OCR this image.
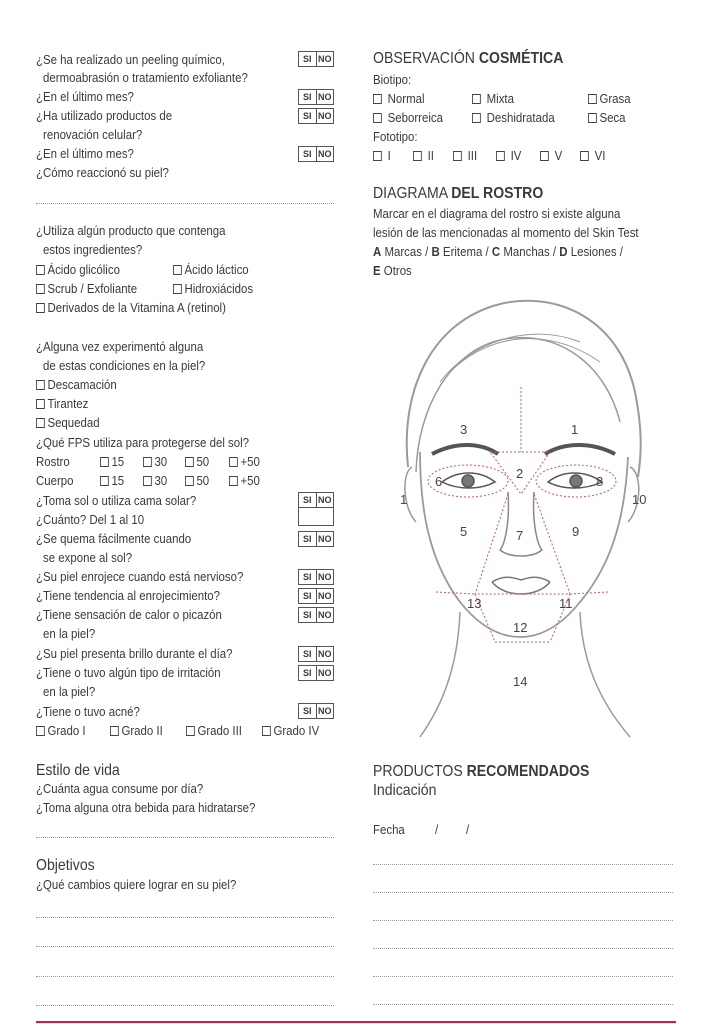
¿Se ha realizado un peeling químico,
dermoabrasión o tratamiento exfoliante?
SI NO
¿En el último mes?	SI NO
¿Ha utilizado productos de	SI NO
renovación celular?
¿En el último mes?	SI NO
¿Cómo reaccionó su piel?
¿Utiliza algún producto que contenga
estos ingredientes?
Ácido glicólico	Ácido láctico
Scrub / Exfoliante	Hidroxiácidos
Derivados de la Vitamina A (retinol)
¿Alguna vez experimentó alguna
de estas condiciones en la piel?
Descamación
Tirantez
Sequedad
¿Qué FPS utiliza para protegerse del sol?
Rostro	15	30	50	+50
Cuerpo	15	30	50	+50
¿Toma sol o utiliza cama solar?	SI NO
¿Cuánto? Del 1 al 10
¿Se quema fácilmente cuando	SI NO
se expone al sol?
¿Su piel enrojece cuando está nervioso?	SI NO
¿Tiene tendencia al enrojecimiento?	SI NO
¿Tiene sensación de calor o picazón	SI NO
en la piel?
¿Su piel presenta brillo durante el día?	SI NO
¿Tiene o tuvo algún tipo de irritación	SI NO
en la piel?
¿Tiene o tuvo acné?	SI NO
Grado I	Grado II	Grado III	Grado IV
Estilo de vida
¿Cuánta agua consume por día?
¿Toma alguna otra bebida para hidratarse?
Objetivos
¿Qué cambios quiere lograr en su piel?
OBSERVACIÓN COSMÉTICA
Biotipo:
Normal	Mixta	Grasa
Seborreica	Deshidratada	Seca
Fototipo:
I	II	III	IV	V	VI
DIAGRAMA DEL ROSTRO
Marcar en el diagrama del rostro si existe alguna
lesión de las mencionadas al momento del Skin Test
A Marcas / B Eritema / C Manchas / D Lesiones /
E Otros
1
2
3
6	8
1	10
5	7	9
13	11
12
14
PRODUCTOS RECOMENDADOS
Indicación
Fecha / /
